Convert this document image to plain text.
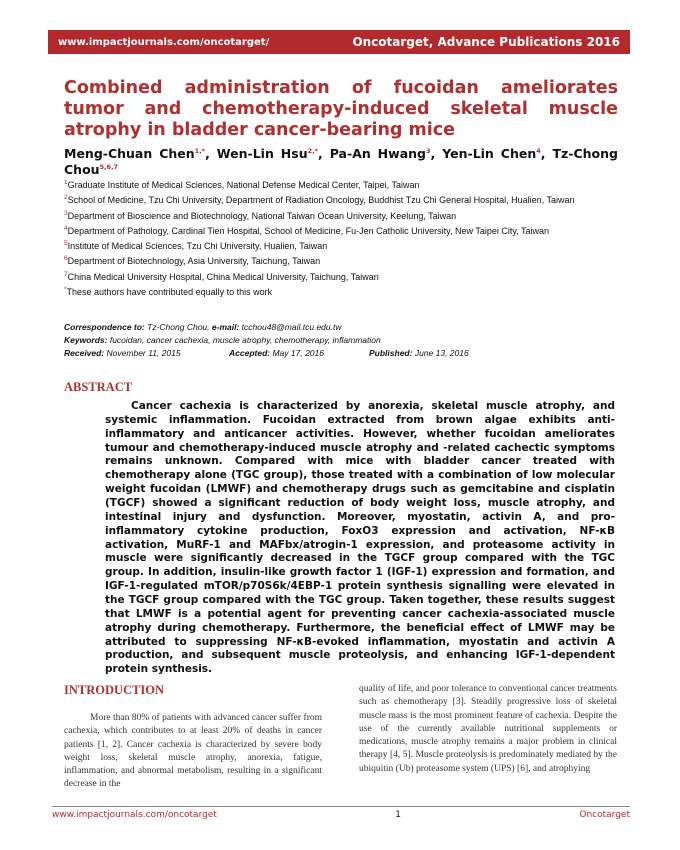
www.impactjournals.com/oncotarget/	Oncotarget, Advance Publications 2016
Combined administration of fucoidan ameliorates tumor and chemotherapy-induced skeletal muscle atrophy in bladder cancer-bearing mice
Meng-Chuan Chen$^{1,*}$, Wen-Lin Hsu$^{2,*}$, Pa-An Hwang$^3$, Yen-Lin Chen$^4$, Tz-Chong Chou$^{5,6,7}$

$^1$Graduate Institute of Medical Sciences, National Defense Medical Center, Taipei, Taiwan

$^2$School of Medicine, Tzu Chi University, Department of Radiation Oncology, Buddhist Tzu Chi General Hospital, Hualien, Taiwan

$^3$Department of Bioscience and Biotechnology, National Taiwan Ocean University, Keelung, Taiwan

$^4$Department of Pathology, Cardinal Tien Hospital, School of Medicine, Fu-Jen Catholic University, New Taipei City, Taiwan

$^5$Institute of Medical Sciences, Tzu Chi University, Hualien, Taiwan

$^6$Department of Biotechnology, Asia University, Taichung, Taiwan

$^7$China Medical University Hospital, China Medical University, Taichung, Taiwan

*These authors have contributed equally to this work

Correspondence to: Tz-Chong Chou, e-mail: tcchou48@mail.tcu.edu.tw
Keywords: fucoidan, cancer cachexia, muscle atrophy, chemotherapy, inflammation
Received: November 11, 2015	Accepted: May 17, 2016	Published: June 13, 2016
ABSTRACT

Cancer cachexia is characterized by anorexia, skeletal muscle atrophy, and systemic inflammation. Fucoidan extracted from brown algae exhibits anti-inflammatory and anticancer activities. However, whether fucoidan ameliorates tumour and chemotherapy-induced muscle atrophy and -related cachectic symptoms remains unknown. Compared with mice with bladder cancer treated with chemotherapy alone (TGC group), those treated with a combination of low molecular weight fucoidan (LMWF) and chemotherapy drugs such as gemcitabine and cisplatin (TGCF) showed a significant reduction of body weight loss, muscle atrophy, and intestinal injury and dysfunction. Moreover, myostatin, activin A, and pro-inflammatory cytokine production, FoxO3 expression and activation, NF-κB activation, MuRF-1 and MAFbx/atrogin-1 expression, and proteasome activity in muscle were significantly decreased in the TGCF group compared with the TGC group. In addition, insulin-like growth factor 1 (IGF-1) expression and formation, and IGF-1-regulated mTOR/p70S6k/4EBP-1 protein synthesis signalling were elevated in the TGCF group compared with the TGC group. Taken together, these results suggest that LMWF is a potential agent for preventing cancer cachexia-associated muscle atrophy during chemotherapy. Furthermore, the beneficial effect of LMWF may be attributed to suppressing NF-κB-evoked inflammation, myostatin and activin A production, and subsequent muscle proteolysis, and enhancing IGF-1-dependent protein synthesis.

INTRODUCTION

More than 80% of patients with advanced cancer suffer from cachexia, which contributes to at least 20% of deaths in cancer patients [1, 2]. Cancer cachexia is characterized by severe body weight loss, skeletal muscle atrophy, anorexia, fatigue, inflammation, and abnormal metabolism, resulting in a significant decrease in the

quality of life, and poor tolerance to conventional cancer treatments such as chemotherapy [3]. Steadily progressive loss of skeletal muscle mass is the most prominent feature of cachexia. Despite the use of the currently available nutritional supplements or medications, muscle atrophy remains a major problem in clinical therapy [4, 5]. Muscle proteolysis is predominately mediated by the ubiquitin (Ub) proteasome system (UPS) [6], and atrophying

www.impactjournals.com/oncotarget	1	Oncotarget
